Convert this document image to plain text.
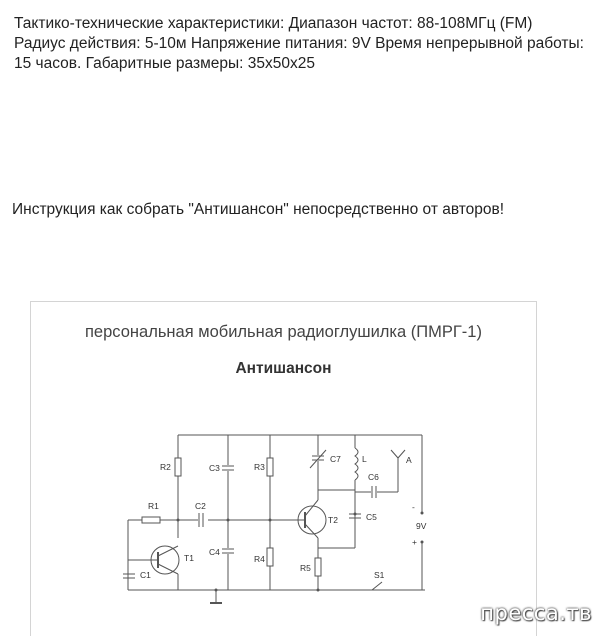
Тактико-технические характеристики: Диапазон частот: 88-108МГц (FM) Радиус действия: 5-10м Напряжение питания: 9V Время непрерывной работы: 15 часов. Габаритные размеры: 35x50x25
Инструкция как собрать "Антишансон" непосредственно от авторов!
персональная мобильная радиоглушилка (ПМРГ-1)
Антишансон
R2
R1	C2
C3
C4
R3
R4
T1
C1
T2
R5
C7 L
C6
C5
A
-
9V
+
S1
пресса.тв
